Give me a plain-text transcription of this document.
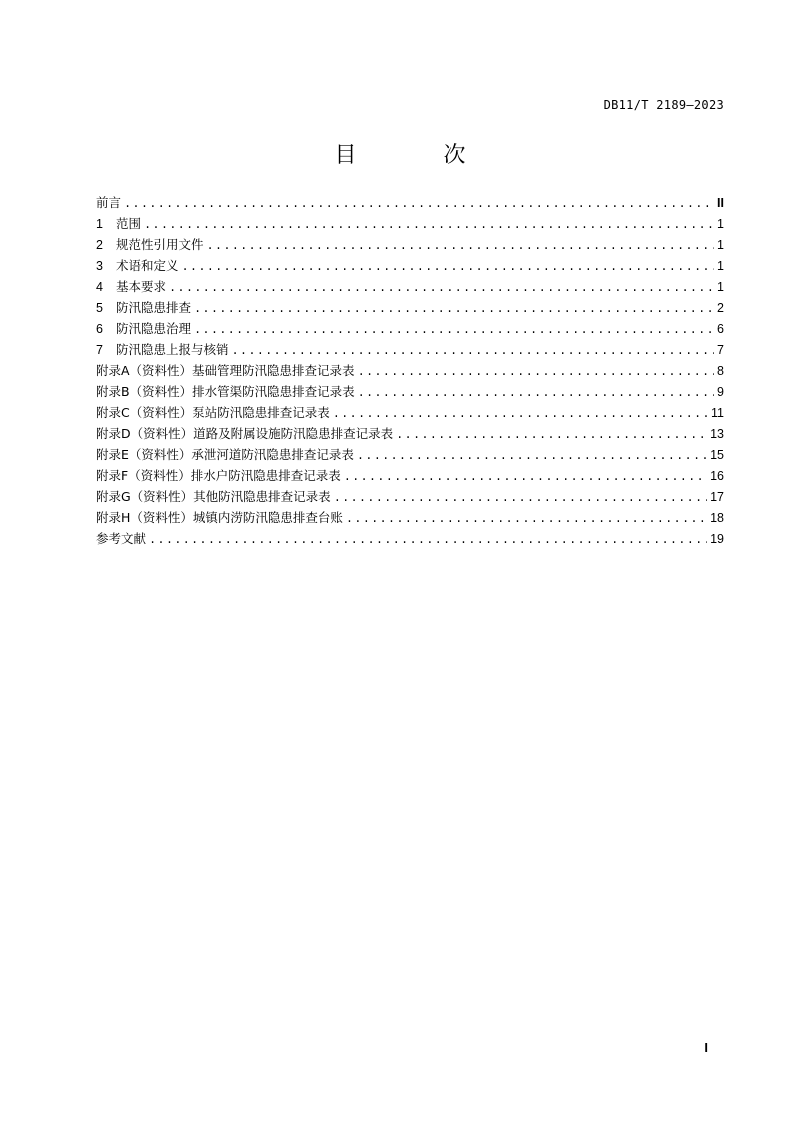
DB11/T 2189—2023
目 次
前言 .....	II
1	范围 .....	1
2	规范性引用文件 .....	1
3	术语和定义 .....	1
4	基本要求 .....	1
5	防汛隐患排查 .....	2
6	防汛隐患治理 .....	6
7	防汛隐患上报与核销 .....	7
附录A（资料性）基础管理防汛隐患排查记录表 .....	8
附录B（资料性）排水管渠防汛隐患排查记录表 .....	9
附录C（资料性）泵站防汛隐患排查记录表 .....	11
附录D（资料性）道路及附属设施防汛隐患排查记录表 .....	13
附录E（资料性）承泄河道防汛隐患排查记录表 .....	15
附录F（资料性）排水户防汛隐患排查记录表 .....	16
附录G（资料性）其他防汛隐患排查记录表 .....	17
附录H（资料性）城镇内涝防汛隐患排查台账 .....	18
参考文献 .....	19
I
